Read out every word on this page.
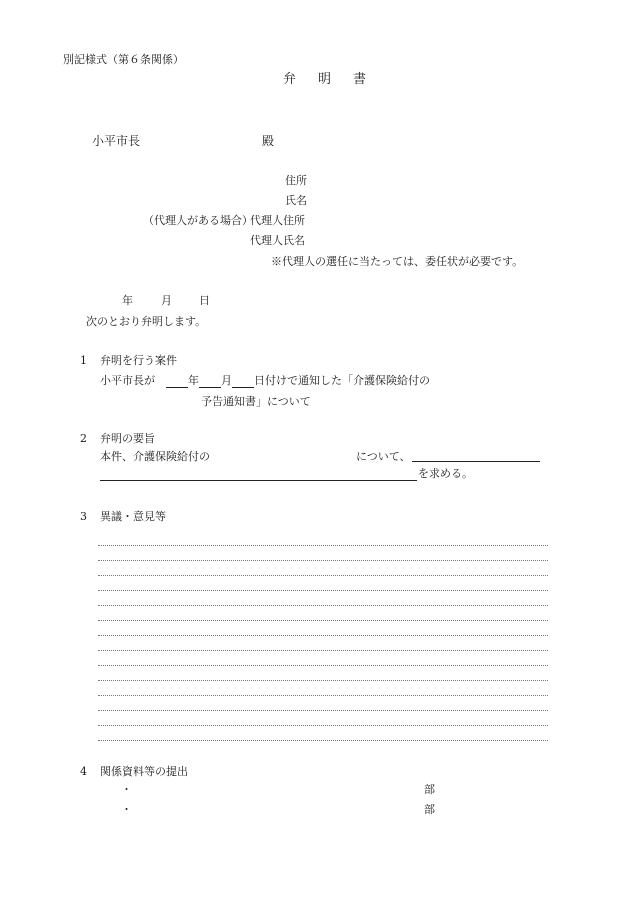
別記様式（第６条関係）
弁 明 書
小平市長	殿
住所
氏名
（代理人がある場合）
代理人住所
代理人氏名
※代理人の選任に当たっては、委任状が必要です。
年	月 日
次のとおり弁明します。
1 弁明を行う案件
小平市長が	年 月 日付けで通知した「介護保険給付の
予告通知書」について
2 弁明の要旨
本件、介護保険給付の	について、
を求める。
3 異議・意見等
4 関係資料等の提出
・	部
・	部
